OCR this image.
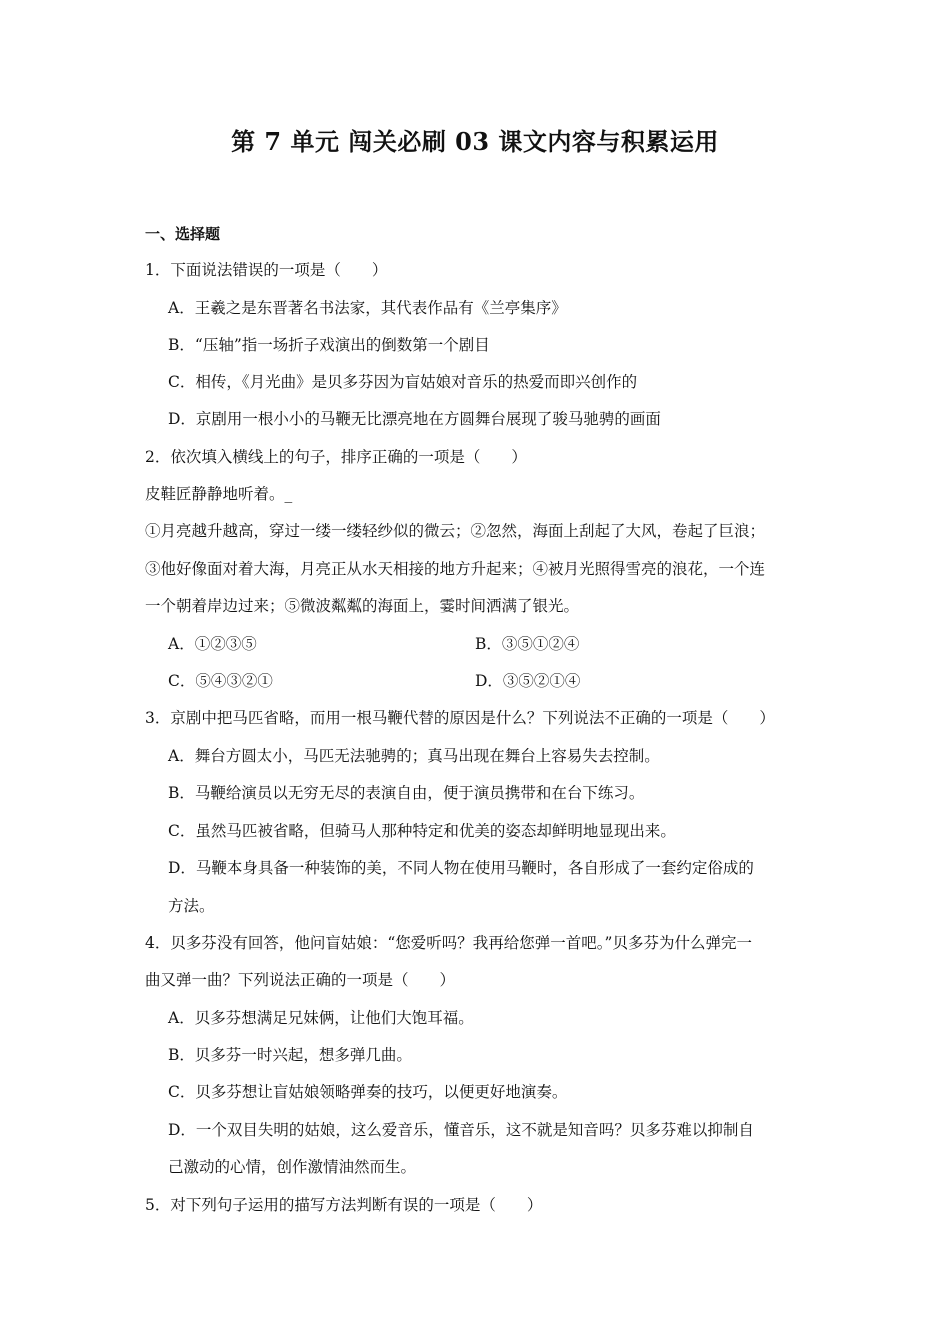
第 7 单元 闯关必刷 03 课文内容与积累运用
一、选择题
1．下面说法错误的一项是（　　）
A．王羲之是东晋著名书法家，其代表作品有《兰亭集序》
B．“压轴”指一场折子戏演出的倒数第一个剧目
C．相传，《月光曲》是贝多芬因为盲姑娘对音乐的热爱而即兴创作的
D．京剧用一根小小的马鞭无比漂亮地在方圆舞台展现了骏马驰骋的画面
2．依次填入横线上的句子，排序正确的一项是（　　）
皮鞋匠静静地听着。_
①月亮越升越高，穿过一缕一缕轻纱似的微云；②忽然，海面上刮起了大风，卷起了巨浪；
③他好像面对着大海，月亮正从水天相接的地方升起来；④被月光照得雪亮的浪花，一个连
一个朝着岸边过来；⑤微波粼粼的海面上，霎时间洒满了银光。
A．①②③⑤	B．③⑤①②④
C．⑤④③②①	D．③⑤②①④
3．京剧中把马匹省略，而用一根马鞭代替的原因是什么？下列说法不正确的一项是（　　）
A．舞台方圆太小，马匹无法驰骋的；真马出现在舞台上容易失去控制。
B．马鞭给演员以无穷无尽的表演自由，便于演员携带和在台下练习。
C．虽然马匹被省略，但骑马人那种特定和优美的姿态却鲜明地显现出来。
D．马鞭本身具备一种装饰的美，不同人物在使用马鞭时，各自形成了一套约定俗成的
方法。
4．贝多芬没有回答，他问盲姑娘：“您爱听吗？我再给您弹一首吧。”贝多芬为什么弹完一
曲又弹一曲？下列说法正确的一项是（　　）
A．贝多芬想满足兄妹俩，让他们大饱耳福。
B．贝多芬一时兴起，想多弹几曲。
C．贝多芬想让盲姑娘领略弹奏的技巧，以便更好地演奏。
D．一个双目失明的姑娘，这么爱音乐，懂音乐，这不就是知音吗？贝多芬难以抑制自
己激动的心情，创作激情油然而生。
5．对下列句子运用的描写方法判断有误的一项是（　　）
